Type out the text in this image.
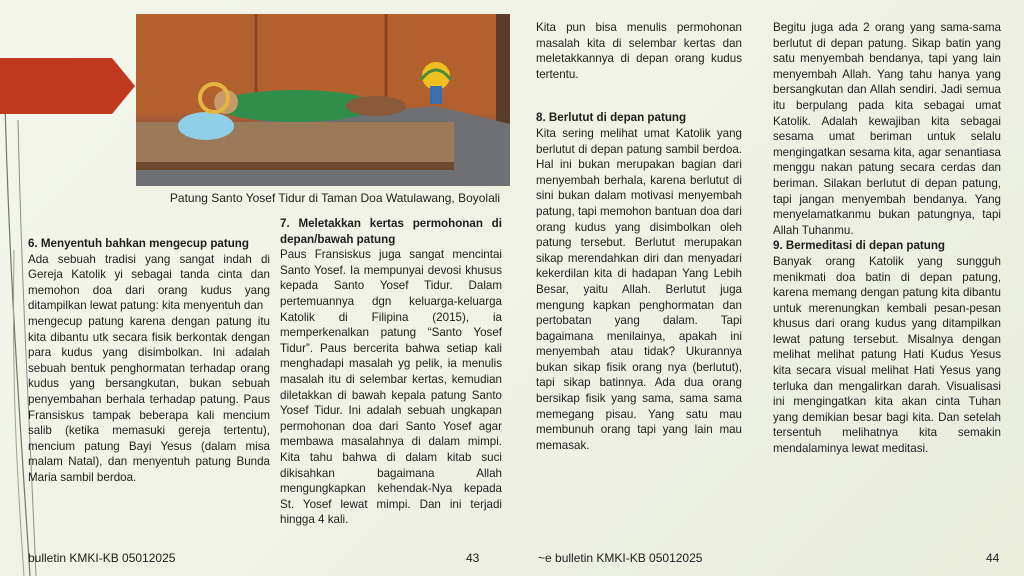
Patung Santo Yosef Tidur di Taman Doa Watulawang, Boyolali

6. Menyentuh bahkan mengecup patung

Ada sebuah tradisi yang sangat indah di Gereja Katolik yi sebagai tanda cinta dan memohon doa dari orang kudus yang ditampilkan lewat patung: kita menyentuh dan

mengecup patung karena dengan patung itu kita dibantu utk secara fisik berkontak dengan para kudus yang disimbolkan. Ini adalah sebuah bentuk penghormatan terhadap orang kudus yang bersangkutan, bukan sebuah penyembahan berhala terhadap patung. Paus Fransiskus tampak beberapa kali mencium salib (ketika memasuki gereja tertentu), mencium patung Bayi Yesus (dalam misa malam Natal), dan menyentuh patung Bunda Maria sambil berdoa.

7. Meletakkan kertas permohonan di depan/bawah patung

Paus Fransiskus juga sangat mencintai Santo Yosef. Ia mempunyai devosi khusus kepada Santo Yosef Tidur. Dalam pertemuannya dgn keluarga-keluarga Katolik di Filipina (2015), ia memperkenalkan patung “Santo Yosef Tidur”. Paus bercerita bahwa setiap kali menghadapi masalah yg pelik, ia menulis masalah itu di selembar kertas, kemudian diletakkan di bawah kepala patung Santo Yosef Tidur. Ini adalah sebuah ungkapan permohonan doa dari Santo Yosef agar membawa masalahnya di dalam mimpi. Kita tahu bahwa di dalam kitab suci dikisahkan bagaimana Allah mengungkapkan kehendak-Nya kepada St. Yosef lewat mimpi. Dan ini terjadi hingga 4 kali.

Kita pun bisa menulis permohonan masalah kita di selembar kertas dan meletakkannya di depan orang kudus tertentu.

8. Berlutut di depan patung

Kita sering melihat umat Katolik yang berlutut di depan patung sambil berdoa. Hal ini bukan merupakan bagian dari menyembah berhala, karena berlutut di sini bukan dalam motivasi menyembah patung, tapi memohon bantuan doa dari orang kudus yang disimbolkan oleh patung tersebut. Berlutut merupakan sikap merendahkan diri dan menyadari kekerdilan kita di hadapan Yang Lebih Besar, yaitu Allah. Berlutut juga mengung kapkan penghormatan dan pertobatan yang dalam. Tapi bagaimana menilainya, apakah ini menyembah atau tidak? Ukurannya bukan sikap fisik orang nya (berlutut), tapi sikap batinnya. Ada dua orang bersikap fisik yang sama, sama sama memegang pisau. Yang satu mau membunuh orang tapi yang lain mau memasak.

Begitu juga ada 2 orang yang sama-sama berlutut di depan patung. Sikap batin yang satu menyembah bendanya, tapi yang lain menyembah Allah. Yang tahu hanya yang bersangkutan dan Allah sendiri. Jadi semua itu berpulang pada kita sebagai umat Katolik. Adalah kewajiban kita sebagai sesama umat beriman untuk selalu mengingatkan sesama kita, agar senantiasa menggu nakan patung secara cerdas dan beriman. Silakan berlutut di depan patung, tapi jangan menyembah bendanya. Yang menyelamatkanmu bukan patungnya, tapi Allah Tuhanmu.

9. Bermeditasi di depan patung

Banyak orang Katolik yang sungguh menikmati doa batin di depan patung, karena memang dengan patung kita dibantu untuk merenungkan kembali pesan-pesan khusus dari orang kudus yang ditampilkan lewat patung tersebut. Misalnya dengan melihat melihat patung Hati Kudus Yesus kita secara visual melihat Hati Yesus yang terluka dan mengalirkan darah. Visualisasi ini mengingatkan kita akan cinta Tuhan yang demikian besar bagi kita. Dan setelah tersentuh melihatnya kita semakin mendalaminya lewat meditasi.

bulletin KMKI-KB 05012025	43	~e bulletin KMKI-KB 05012025	44
